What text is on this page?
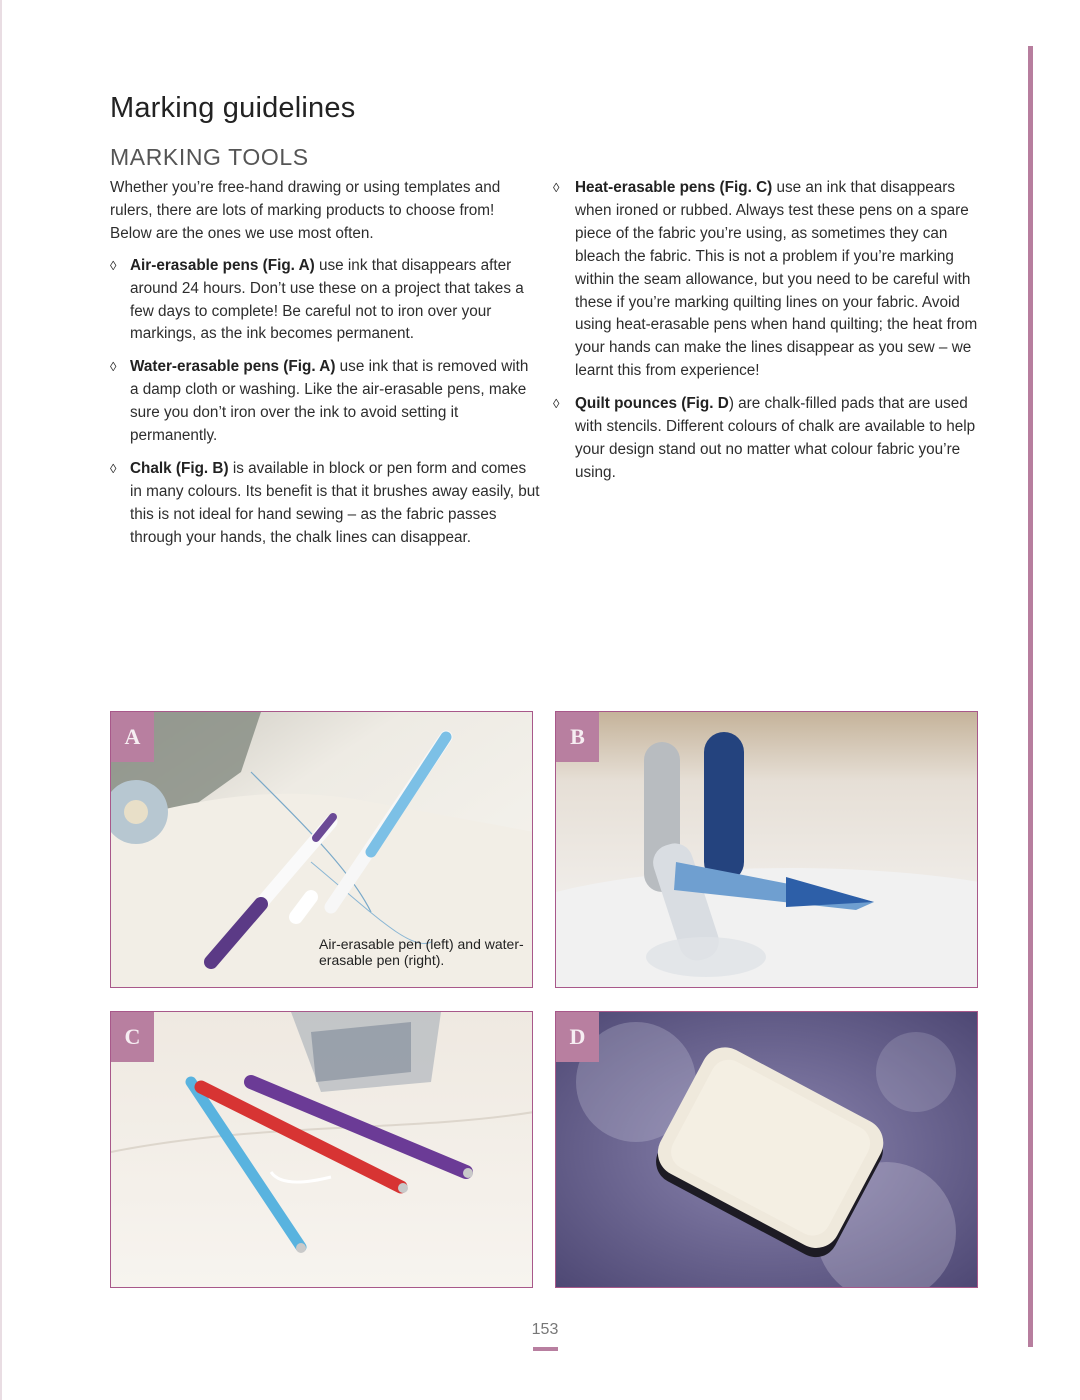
Marking guidelines
MARKING TOOLS

Whether you’re free-hand drawing or using templates and rulers, there are lots of marking products to choose from! Below are the ones we use most often.

◊ Air-erasable pens (Fig. A) use ink that disappears after around 24 hours. Don’t use these on a project that takes a few days to complete! Be careful not to iron over your markings, as the ink becomes permanent.

◊ Water-erasable pens (Fig. A) use ink that is removed with a damp cloth or washing. Like the air-erasable pens, make sure you don’t iron over the ink to avoid setting it permanently.

◊ Chalk (Fig. B) is available in block or pen form and comes in many colours. Its benefit is that it brushes away easily, but this is not ideal for hand sewing – as the fabric passes through your hands, the chalk lines can disappear.

◊ Heat-erasable pens (Fig. C) use an ink that disappears when ironed or rubbed. Always test these pens on a spare piece of the fabric you’re using, as sometimes they can bleach the fabric. This is not a problem if you’re marking within the seam allowance, but you need to be careful with these if you’re marking quilting lines on your fabric. Avoid using heat-erasable pens when hand quilting; the heat from your hands can make the lines disappear as you sew – we learnt this from experience!

◊ Quilt pounces (Fig. D) are chalk-filled pads that are used with stencils. Different colours of chalk are available to help your design stand out no matter what colour fabric you’re using.

A
Air-erasable pen (left) and water-erasable pen (right).
B
C	D
153
